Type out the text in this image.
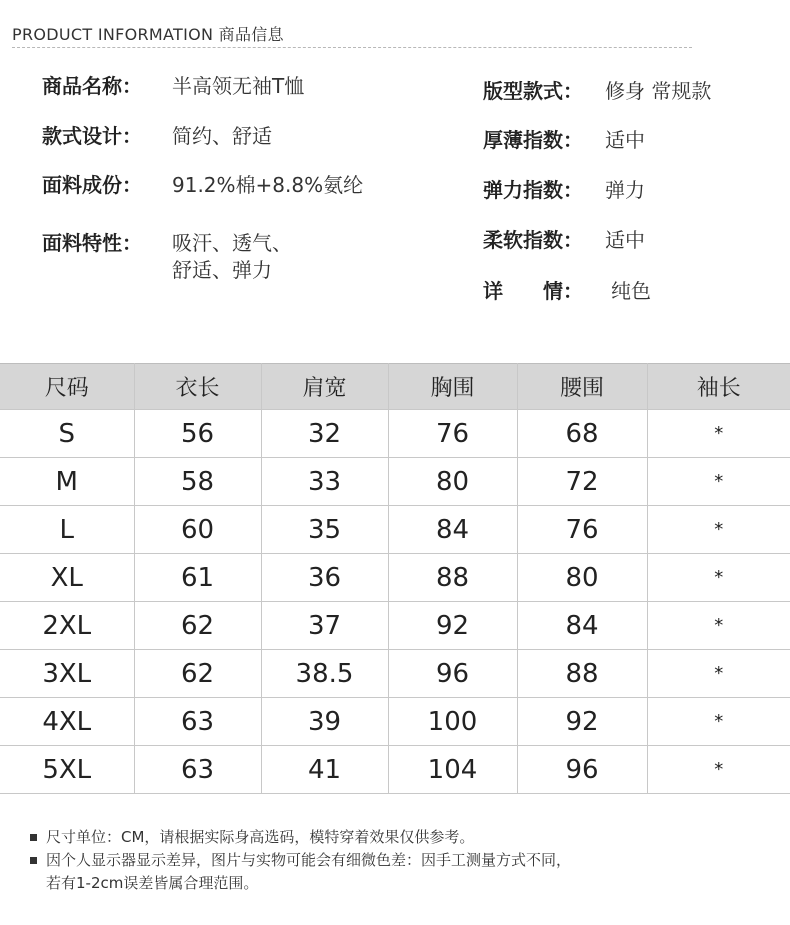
PRODUCT INFORMATION 商品信息
商品名称： 半高领无袖T恤
款式设计： 简约、舒适
面料成份： 91.2%棉+8.8%氨纶
面料特性： 吸汗、透气、
舒适、弹力
版型款式： 修身 常规款
厚薄指数： 适中
弹力指数： 弹力
柔软指数： 适中
详　　情： 纯色
尺码	衣长	肩宽	胸围	腰围	袖长
S	56	32	76	68	*
M	58	33	80	72	*
L	60	35	84	76	*
XL	61	36	88	80	*
2XL	62	37	92	84	*
3XL	62	38.5	96	88	*
4XL	63	39	100	92	*
5XL	63	41	104	96	*
尺寸单位：CM，请根据实际身高选码，模特穿着效果仅供参考。
因个人显示器显示差异，图片与实物可能会有细微色差：因手工测量方式不同，
若有1-2cm误差皆属合理范围。
